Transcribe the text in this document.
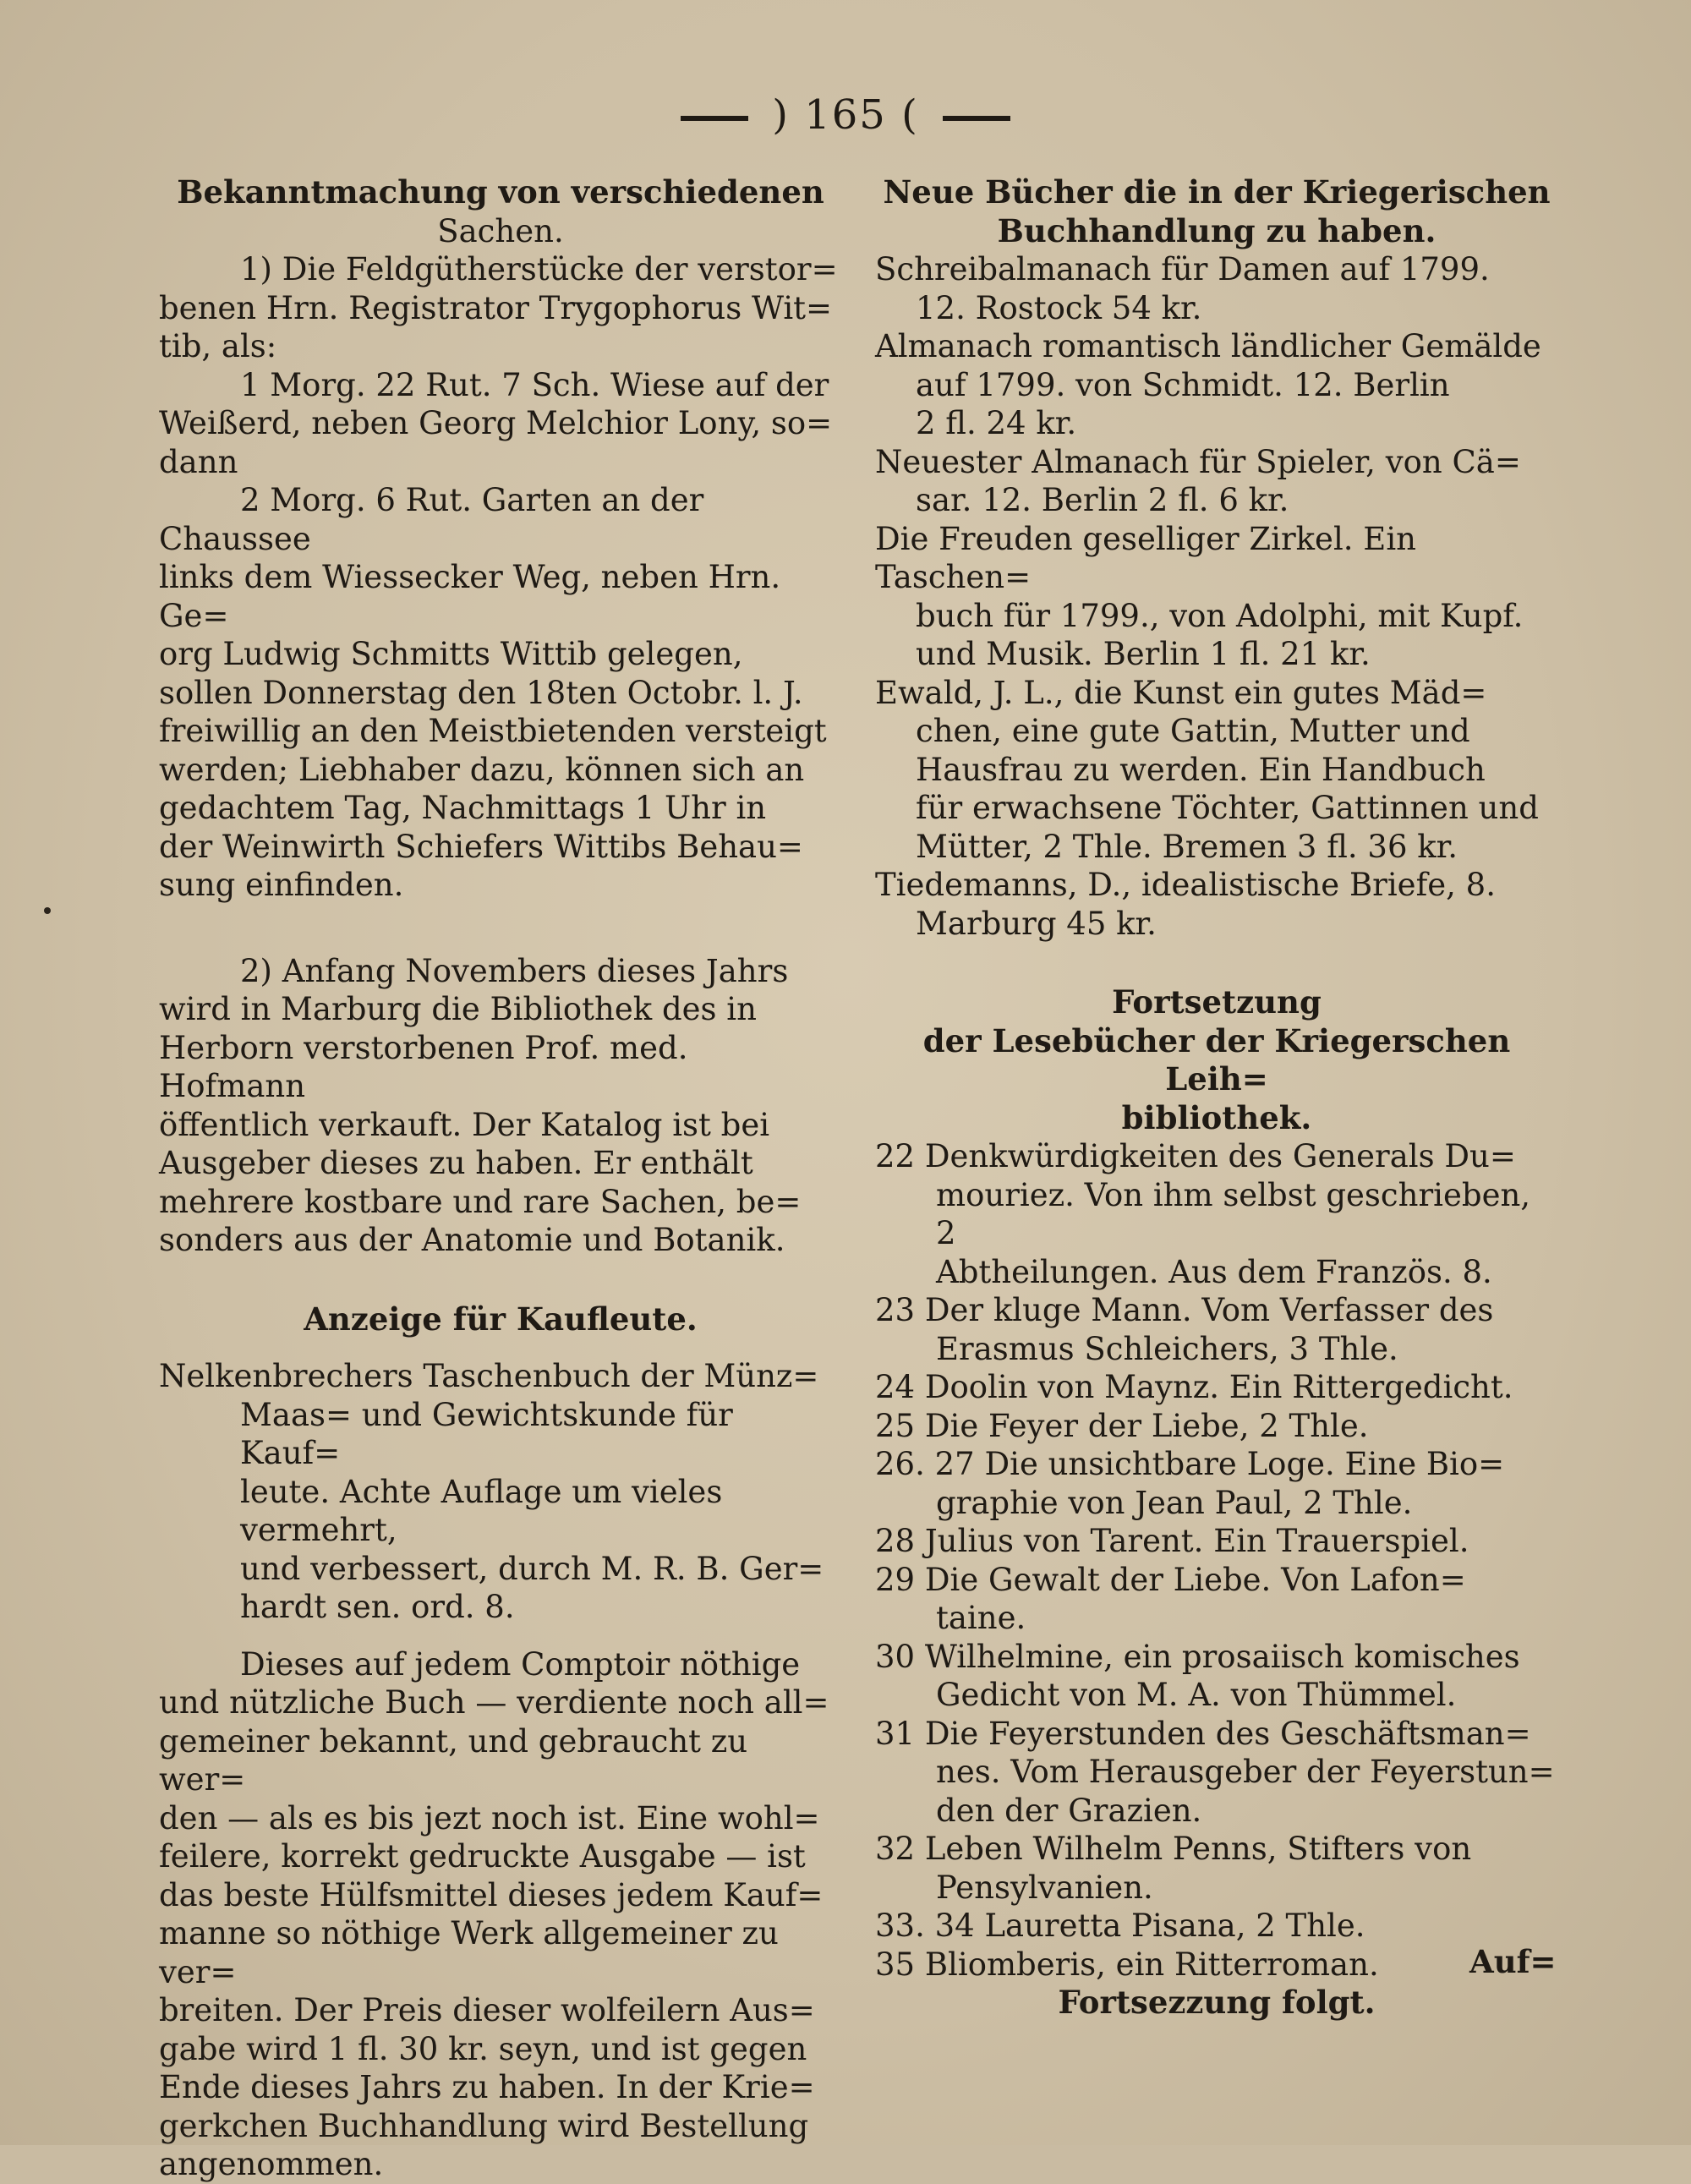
) 165 (

Bekanntmachung von verschiedenen

Sachen.

1) Die Feldgütherstücke der verstor=

benen Hrn. Registrator Trygophorus Wit=

tib, als:

1 Morg. 22 Rut. 7 Sch. Wiese auf der

Weißerd, neben Georg Melchior Lony, so=

dann

2 Morg. 6 Rut. Garten an der Chaussee

links dem Wiessecker Weg, neben Hrn. Ge=

org Ludwig Schmitts Wittib gelegen,

sollen Donnerstag den 18ten Octobr. l. J.

freiwillig an den Meistbietenden versteigt

werden; Liebhaber dazu, können sich an

gedachtem Tag, Nachmittags 1 Uhr in

der Weinwirth Schiefers Wittibs Behau=

sung einfinden.

2) Anfang Novembers dieses Jahrs

wird in Marburg die Bibliothek des in

Herborn verstorbenen Prof. med. Hofmann

öffentlich verkauft. Der Katalog ist bei

Ausgeber dieses zu haben. Er enthält

mehrere kostbare und rare Sachen, be=

sonders aus der Anatomie und Botanik.

Anzeige für Kaufleute.

Nelkenbrechers Taschenbuch der Münz=

Maas= und Gewichtskunde für Kauf=

leute. Achte Auflage um vieles vermehrt,

und verbessert, durch M. R. B. Ger=

hardt sen. ord. 8.

Dieses auf jedem Comptoir nöthige

und nützliche Buch — verdiente noch all=

gemeiner bekannt, und gebraucht zu wer=

den — als es bis jezt noch ist. Eine wohl=

feilere, korrekt gedruckte Ausgabe — ist

das beste Hülfsmittel dieses jedem Kauf=

manne so nöthige Werk allgemeiner zu ver=

breiten. Der Preis dieser wolfeilern Aus=

gabe wird 1 fl. 30 kr. seyn, und ist gegen

Ende dieses Jahrs zu haben. In der Krie=

gerkchen Buchhandlung wird Bestellung

angenommen.

Neue Bücher die in der Kriegerischen

Buchhandlung zu haben.

Schreibalmanach für Damen auf 1799.

12. Rostock 54 kr.

Almanach romantisch ländlicher Gemälde

auf 1799. von Schmidt. 12. Berlin

2 fl. 24 kr.

Neuester Almanach für Spieler, von Cä=

sar. 12. Berlin 2 fl. 6 kr.

Die Freuden geselliger Zirkel. Ein Taschen=

buch für 1799., von Adolphi, mit Kupf.

und Musik. Berlin 1 fl. 21 kr.

Ewald, J. L., die Kunst ein gutes Mäd=

chen, eine gute Gattin, Mutter und

Hausfrau zu werden. Ein Handbuch

für erwachsene Töchter, Gattinnen und

Mütter, 2 Thle. Bremen 3 fl. 36 kr.

Tiedemanns, D., idealistische Briefe, 8.

Marburg 45 kr.

Fortsetzung

der Lesebücher der Kriegerschen Leih=

bibliothek.

22 Denkwürdigkeiten des Generals Du=

mouriez. Von ihm selbst geschrieben, 2

Abtheilungen. Aus dem Französ. 8.

23 Der kluge Mann. Vom Verfasser des

Erasmus Schleichers, 3 Thle.

24 Doolin von Maynz. Ein Rittergedicht.

25 Die Feyer der Liebe, 2 Thle.

26. 27 Die unsichtbare Loge. Eine Bio=

graphie von Jean Paul, 2 Thle.

28 Julius von Tarent. Ein Trauerspiel.

29 Die Gewalt der Liebe. Von Lafon=

taine.

30 Wilhelmine, ein prosaiisch komisches

Gedicht von M. A. von Thümmel.

31 Die Feyerstunden des Geschäftsman=

nes. Vom Herausgeber der Feyerstun=

den der Grazien.

32 Leben Wilhelm Penns, Stifters von

Pensylvanien.

33. 34 Lauretta Pisana, 2 Thle.

35 Bliomberis, ein Ritterroman.

Fortsezzung folgt.

Auf=
